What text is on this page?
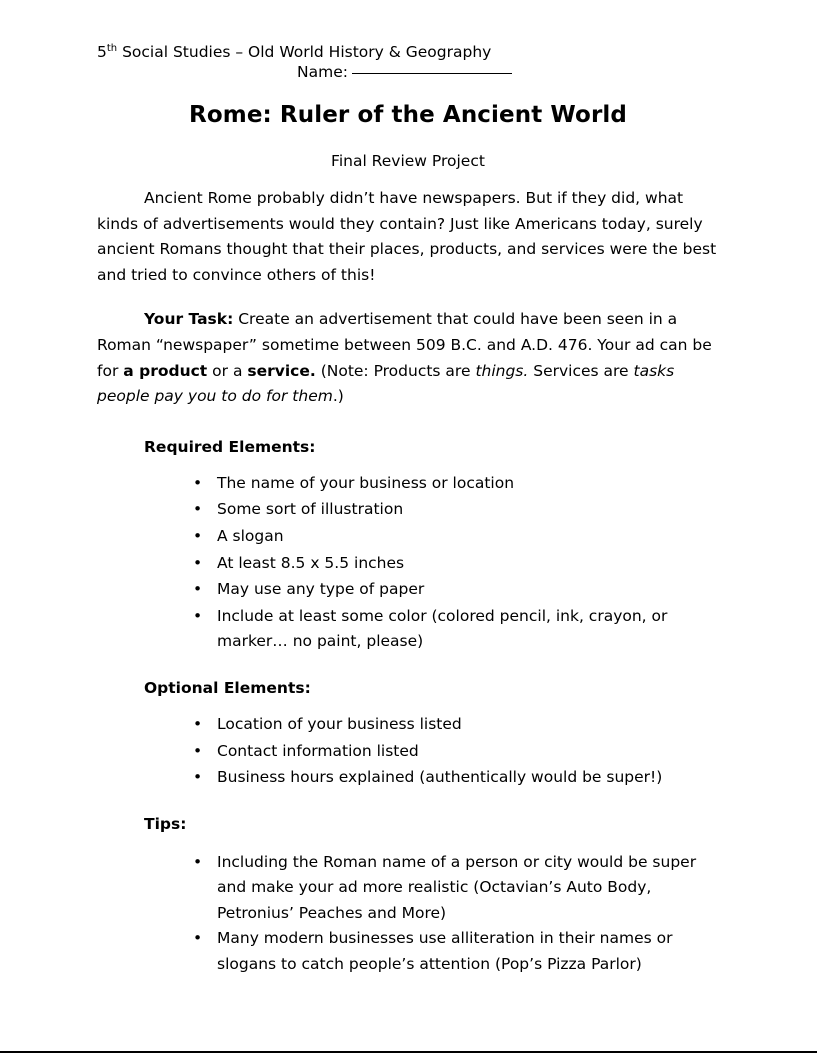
5th Social Studies – Old World History & Geography
Name:
Rome: Ruler of the Ancient World
Final Review Project

Ancient Rome probably didn’t have newspapers. But if they did, what kinds of advertisements would they contain? Just like Americans today, surely ancient Romans thought that their places, products, and services were the best and tried to convince others of this!

Your Task: Create an advertisement that could have been seen in a Roman “newspaper” sometime between 509 B.C. and A.D. 476. Your ad can be for a product or a service. (Note: Products are things. Services are tasks people pay you to do for them.)

Required Elements:
• The name of your business or location
• Some sort of illustration
• A slogan
• At least 8.5 x 5.5 inches
• May use any type of paper
• Include at least some color (colored pencil, ink, crayon, or marker… no paint, please)
Optional Elements:
• Location of your business listed
• Contact information listed
• Business hours explained (authentically would be super!)
Tips:
• Including the Roman name of a person or city would be super and make your ad more realistic (Octavian’s Auto Body, Petronius’ Peaches and More)
• Many modern businesses use alliteration in their names or slogans to catch people’s attention (Pop’s Pizza Parlor)
